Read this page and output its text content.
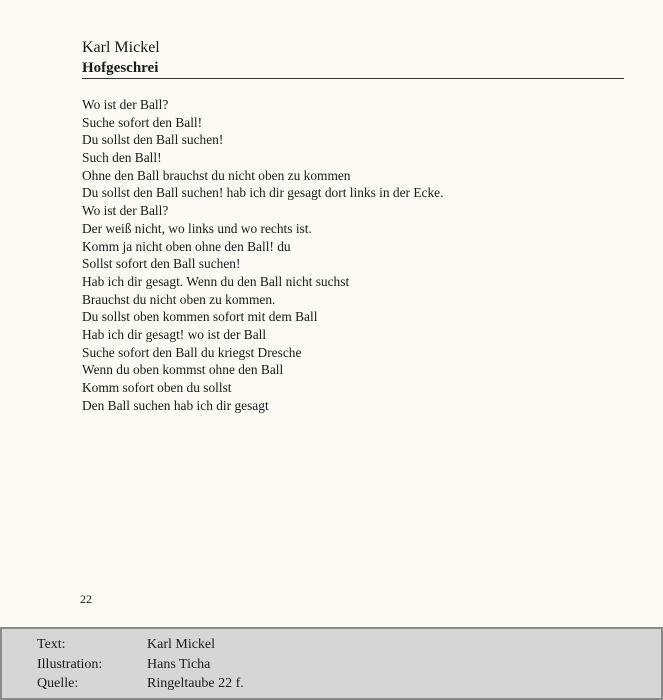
Karl Mickel
Hofgeschrei
Wo ist der Ball?
Suche sofort den Ball!
Du sollst den Ball suchen!
Such den Ball!
Ohne den Ball brauchst du nicht oben zu kommen
Du sollst den Ball suchen! hab ich dir gesagt dort links in der Ecke.
Wo ist der Ball?
Der weiß nicht, wo links und wo rechts ist.
Komm ja nicht oben ohne den Ball! du
Sollst sofort den Ball suchen!
Hab ich dir gesagt. Wenn du den Ball nicht suchst
Brauchst du nicht oben zu kommen.
Du sollst oben kommen sofort mit dem Ball
Hab ich dir gesagt! wo ist der Ball
Suche sofort den Ball du kriegst Dresche
Wenn du oben kommst ohne den Ball
Komm sofort oben du sollst
Den Ball suchen hab ich dir gesagt
22
Text:	Karl Mickel
Illustration:	Hans Ticha
Quelle:	Ringeltaube 22 f.
